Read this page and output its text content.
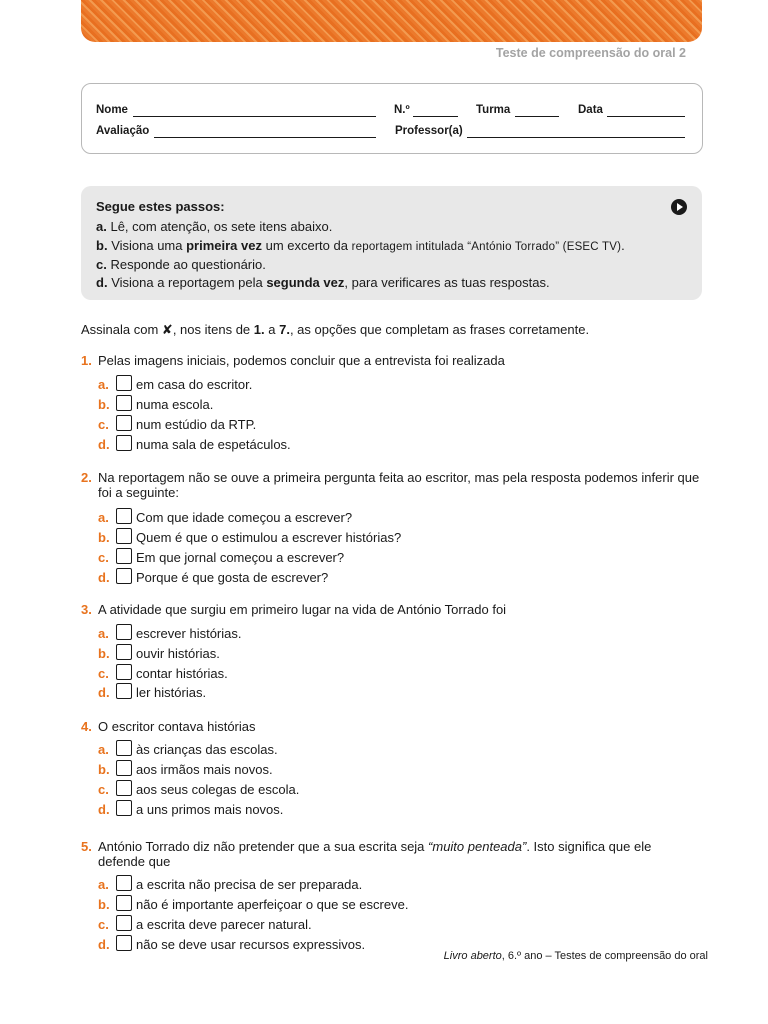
Teste de compreensão do oral 2
Nome	N.º	Turma	Data
Avaliação	Professor(a)
Segue estes passos:
a. Lê, com atenção, os sete itens abaixo.
b. Visiona uma primeira vez um excerto da reportagem intitulada “António Torrado” (ESEC TV).
c. Responde ao questionário.
d. Visiona a reportagem pela segunda vez, para verificares as tuas respostas.
Assinala com ✘, nos itens de 1. a 7., as opções que completam as frases corretamente.
1. Pelas imagens iniciais, podemos concluir que a entrevista foi realizada
a. em casa do escritor.
b. numa escola.
c. num estúdio da RTP.
d. numa sala de espetáculos.
2. Na reportagem não se ouve a primeira pergunta feita ao escritor, mas pela resposta podemos inferir que foi a seguinte:
a. Com que idade começou a escrever?
b. Quem é que o estimulou a escrever histórias?
c. Em que jornal começou a escrever?
d. Porque é que gosta de escrever?
3. A atividade que surgiu em primeiro lugar na vida de António Torrado foi
a. escrever histórias.
b. ouvir histórias.
c. contar histórias.
d. ler histórias.
4. O escritor contava histórias
a. às crianças das escolas.
b. aos irmãos mais novos.
c. aos seus colegas de escola.
d. a uns primos mais novos.
5. António Torrado diz não pretender que a sua escrita seja “muito penteada”. Isto significa que ele defende que
a. a escrita não precisa de ser preparada.
b. não é importante aperfeiçoar o que se escreve.
c. a escrita deve parecer natural.
d. não se deve usar recursos expressivos.
Livro aberto, 6.º ano – Testes de compreensão do oral
